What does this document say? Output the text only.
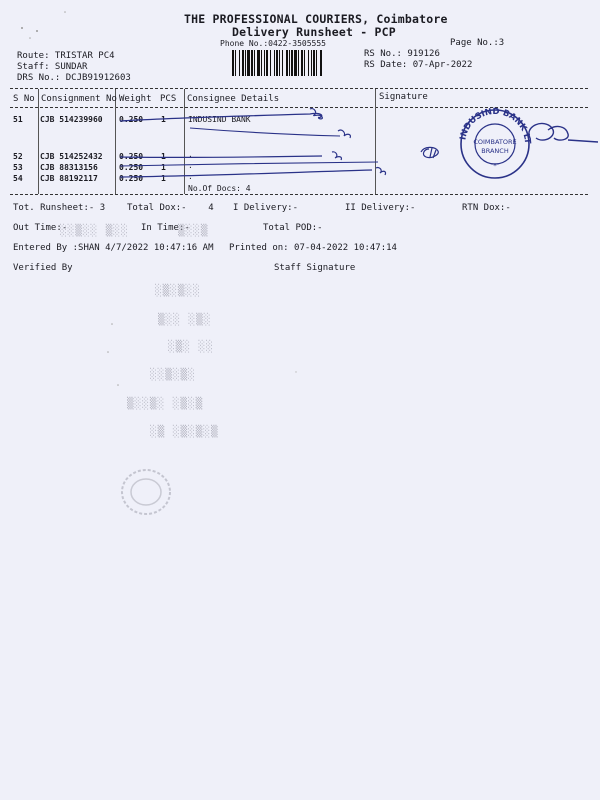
THE PROFESSIONAL COURIERS, Coimbatore
Delivery Runsheet - PCP
Phone No.:0422-3505555	Page No.:3
Route: TRISTAR PC4
Staff: SUNDAR
DRS No.: DCJB91912603
RS No.: 919126
RS Date: 07-Apr-2022
S No Consignment No Weight PCS Consignee Details	Signature
51 CJB 514239960 0.250 1	INDUSIND BANK
52 CJB 514252432 0.250 1	.
53 CJB 88313156	0.250 1	.
54 CJB 88192117	0.250 1	.
No.Of Docs: 4
Tot. Runsheet:- 3 Total Dox:-    4 I Delivery:-	II Delivery:-	RTN Dox:-
Out Time:-	In Time:-	Total POD:-
Entered By :SHAN 4/7/2022 10:47:16 AM Printed on: 07-04-2022 10:47:14
Verified By	Staff Signature
░░▒░░ ▒░░	▒░░▒
░▒░▒░░
▒░░ ░▒░
░▒░ ░░
░░▒░▒░
▒░░▒░ ░▒░▒
░▒ ░▒░▒░▒
INDUSIND BANK LTD
COIMBATORE
BRANCH
*
